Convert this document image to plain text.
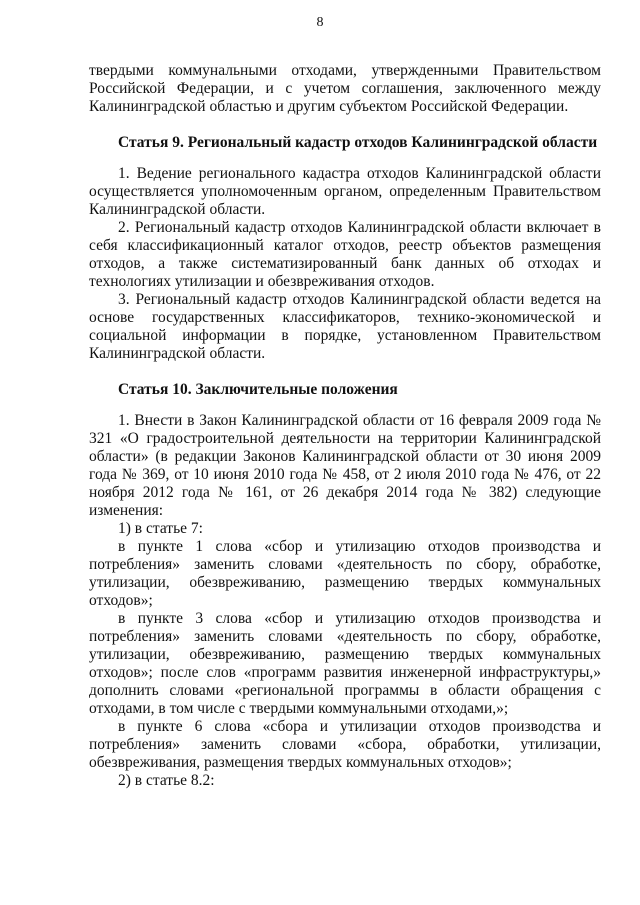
8

твердыми коммунальными отходами, утвержденными Правительством Российской Федерации, и с учетом соглашения, заключенного между Калининградской областью и другим субъектом Российской Федерации.

Статья 9. Региональный кадастр отходов Калининградской области

1. Ведение регионального кадастра отходов Калининградской области осуществляется уполномоченным органом, определенным Правительством Калининградской области.

2. Региональный кадастр отходов Калининградской области включает в себя классификационный каталог отходов, реестр объектов размещения отходов, а также систематизированный банк данных об отходах и технологиях утилизации и обезвреживания отходов.

3. Региональный кадастр отходов Калининградской области ведется на основе государственных классификаторов, технико-экономической и социальной информации в порядке, установленном Правительством Калининградской области.

Статья 10. Заключительные положения

1. Внести в Закон Калининградской области от 16 февраля 2009 года № 321 «О градостроительной деятельности на территории Калининградской области» (в редакции Законов Калининградской области от 30 июня 2009 года № 369, от 10 июня 2010 года № 458, от 2 июля 2010 года № 476, от 22 ноября 2012 года № 161, от 26 декабря 2014 года № 382) следующие изменения:

1) в статье 7:

в пункте 1 слова «сбор и утилизацию отходов производства и потребления» заменить словами «деятельность по сбору, обработке, утилизации, обезвреживанию, размещению твердых коммунальных отходов»;

в пункте 3 слова «сбор и утилизацию отходов производства и потребления» заменить словами «деятельность по сбору, обработке, утилизации, обезвреживанию, размещению твердых коммунальных отходов»; после слов «программ развития инженерной инфраструктуры,» дополнить словами «региональной программы в области обращения с отходами, в том числе с твердыми коммунальными отходами,»;

в пункте 6 слова «сбора и утилизации отходов производства и потребления» заменить словами «сбора, обработки, утилизации, обезвреживания, размещения твердых коммунальных отходов»;

2) в статье 8.2:
